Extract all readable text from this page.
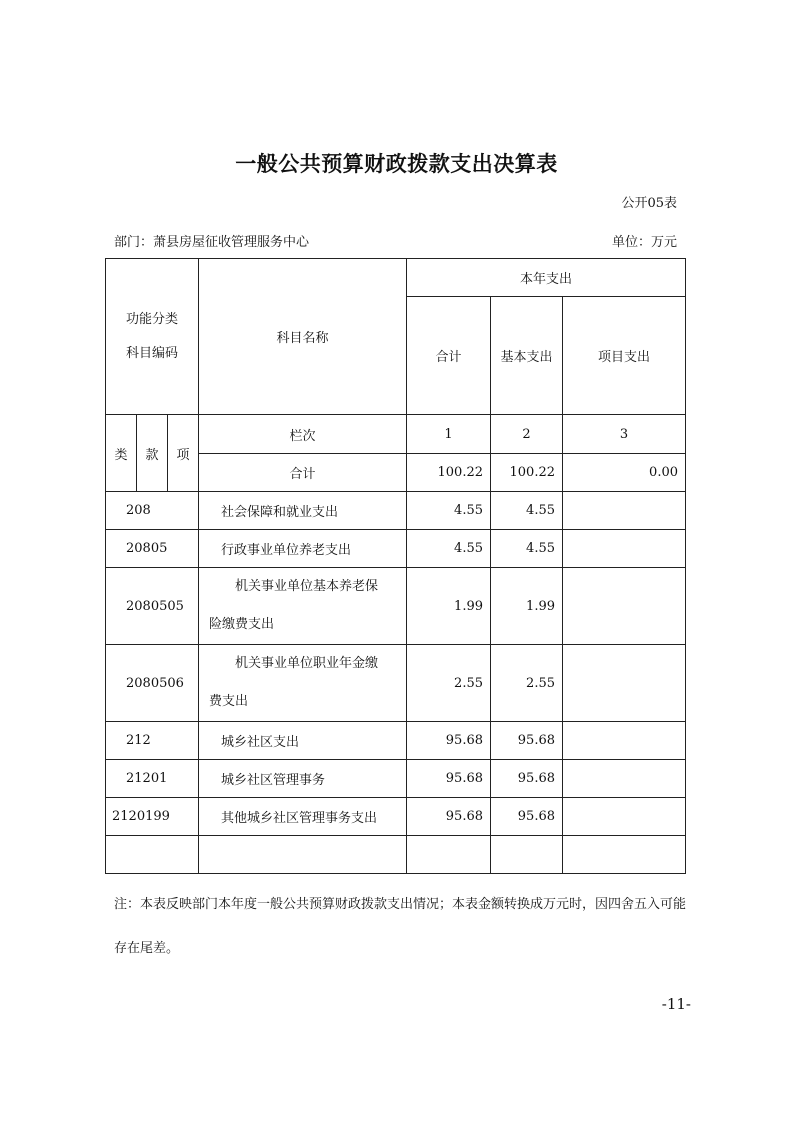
一般公共预算财政拨款支出决算表
公开05表
部门：萧县房屋征收管理服务中心	单位：万元
功能分类
科目编码			科目名称	本年支出		
				合计	基本支出	项目支出
类	款	项	栏次	1	2	3
			合计	100.22	100.22	0.00
208			社会保障和就业支出	4.55	4.55	
20805			行政事业单位养老支出	4.55	4.55	
2080505			机关事业单位基本养老保
险缴费支出	1.99	1.99	
2080506			机关事业单位职业年金缴
费支出	2.55	2.55	
212			城乡社区支出	95.68	95.68	
21201			城乡社区管理事务	95.68	95.68	
2120199			其他城乡社区管理事务支出	95.68	95.68	

注：本表反映部门本年度一般公共预算财政拨款支出情况；本表金额转换成万元时，因四舍五入可能存在尾差。
-11-
